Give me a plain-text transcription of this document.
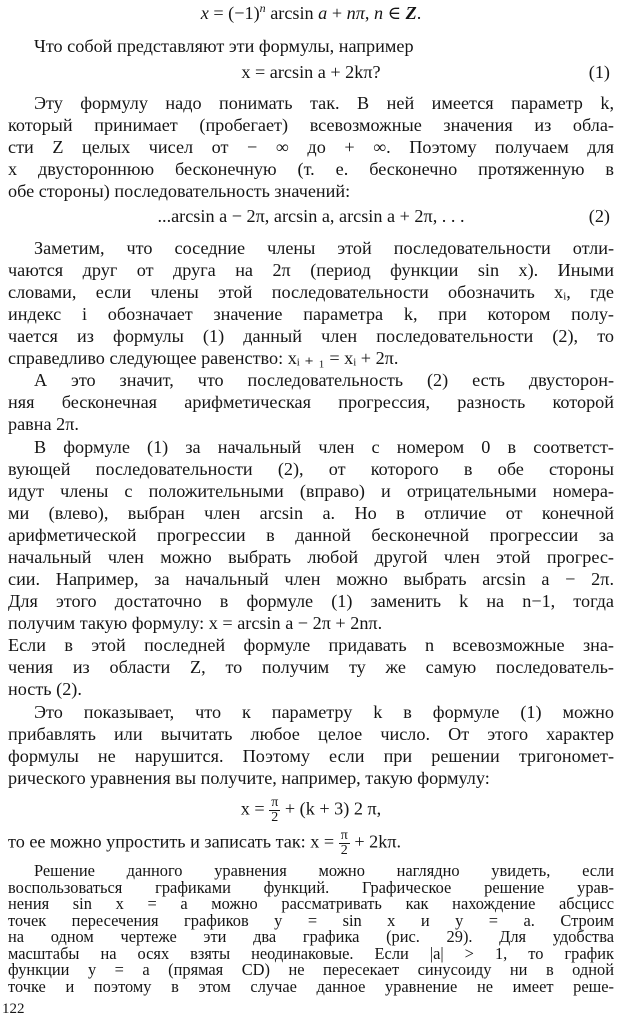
$x = (-1)^n$ arcsin a + nπ, n ∈ Z.
Что собой представляют эти формулы, например
x = arcsin a + 2kπ?	(1)
Эту формулу надо понимать так. В ней имеется параметр k,
который принимает (пробегает) всевозможные значения из обла-
сти Z целых чисел от − ∞ до + ∞. Поэтому получаем для
x двустороннюю бесконечную (т. е. бесконечно протяженную в
обе стороны) последовательность значений:
...arcsin a − 2π, arcsin a, arcsin a + 2π, . . .	(2)
Заметим, что соседние члены этой последовательности отли-
чаются друг от друга на 2π (период функции sin x). Иными
словами, если члены этой последовательности обозначить xᵢ, где
индекс i обозначает значение параметра k, при котором полу-
чается из формулы (1) данный член последовательности (2), то
справедливо следующее равенство: xᵢ ₊ ₁ = xᵢ + 2π.
А это значит, что последовательность (2) есть двусторон-
няя бесконечная арифметическая прогрессия, разность которой
равна 2π.
В формуле (1) за начальный член с номером 0 в соответст-
вующей последовательности (2), от которого в обе стороны
идут члены с положительными (вправо) и отрицательными номера-
ми (влево), выбран член arcsin a. Но в отличие от конечной
арифметической прогрессии в данной бесконечной прогрессии за
начальный член можно выбрать любой другой член этой прогрес-
сии. Например, за начальный член можно выбрать arcsin a − 2π.
Для этого достаточно в формуле (1) заменить k на n−1, тогда
получим такую формулу: x = arcsin a − 2π + 2nπ.
Если в этой последней формуле придавать n всевозможные зна-
чения из области Z, то получим ту же самую последователь-
ность (2).
Это показывает, что к параметру k в формуле (1) можно
прибавлять или вычитать любое целое число. От этого характер
формулы не нарушится. Поэтому если при решении тригономет-
рического уравнения вы получите, например, такую формулу:
$x = \frac{\pi}{2} + (k + 3)$ 2 π,
то ее можно упростить и записать так: $x = \frac{\pi}{2} + 2k\pi$.
Решение данного уравнения можно наглядно увидеть, если
воспользоваться графиками функций. Графическое решение урав-
нения sin x = a можно рассматривать как нахождение абсцисс
точек пересечения графиков y = sin x и y = a. Строим
на одном чертеже эти два графика (рис. 29). Для удобства
масштабы на осях взяты неодинаковые. Если |a| > 1, то график
функции y = a (прямая CD) не пересекает синусоиду ни в одной
точке и поэтому в этом случае данное уравнение не имеет реше-
122
